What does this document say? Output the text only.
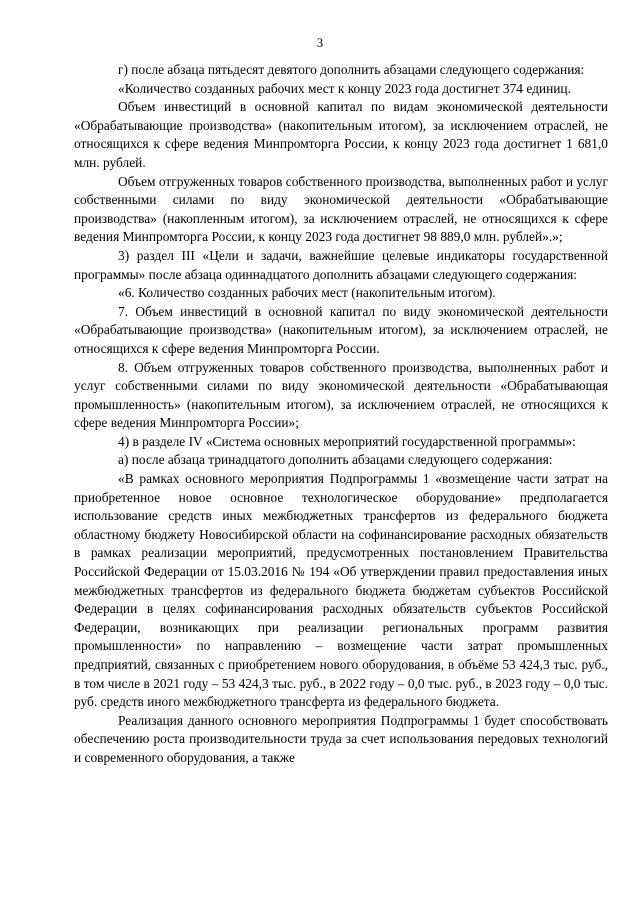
3

г) после абзаца пятьдесят девятого дополнить абзацами следующего содержания:

«Количество созданных рабочих мест к концу 2023 года достигнет 374 единиц.

Объем инвестиций в основной капитал по видам экономической деятельности «Обрабатывающие производства» (накопительным итогом), за исключением отраслей, не относящихся к сфере ведения Минпромторга России, к концу 2023 года достигнет 1 681,0 млн. рублей.

Объем отгруженных товаров собственного производства, выполненных работ и услуг собственными силами по виду экономической деятельности «Обрабатывающие производства» (накопленным итогом), за исключением отраслей, не относящихся к сфере ведения Минпромторга России, к концу 2023 года достигнет 98 889,0 млн. рублей».»;

3) раздел III «Цели и задачи, важнейшие целевые индикаторы государственной программы» после абзаца одиннадцатого дополнить абзацами следующего содержания:

«6. Количество созданных рабочих мест (накопительным итогом).

7. Объем инвестиций в основной капитал по виду экономической деятельности «Обрабатывающие производства» (накопительным итогом), за исключением отраслей, не относящихся к сфере ведения Минпромторга России.

8. Объем отгруженных товаров собственного производства, выполненных работ и услуг собственными силами по виду экономической деятельности «Обрабатывающая промышленность» (накопительным итогом), за исключением отраслей, не относящихся к сфере ведения Минпромторга России»;

4) в разделе IV «Система основных мероприятий государственной программы»:

а) после абзаца тринадцатого дополнить абзацами следующего содержания:

«В рамках основного мероприятия Подпрограммы 1 «возмещение части затрат на приобретенное новое основное технологическое оборудование» предполагается использование средств иных межбюджетных трансфертов из федерального бюджета областному бюджету Новосибирской области на софинансирование расходных обязательств в рамках реализации мероприятий, предусмотренных постановлением Правительства Российской Федерации от 15.03.2016 № 194 «Об утверждении правил предоставления иных межбюджетных трансфертов из федерального бюджета бюджетам субъектов Российской Федерации в целях софинансирования расходных обязательств субъектов Российской Федерации, возникающих при реализации региональных программ развития промышленности» по направлению – возмещение части затрат промышленных предприятий, связанных с приобретением нового оборудования, в объёме 53 424,3 тыс. руб., в том числе в 2021 году – 53 424,3 тыс. руб., в 2022 году – 0,0 тыс. руб., в 2023 году – 0,0 тыс. руб. средств иного межбюджетного трансферта из федерального бюджета.

Реализация данного основного мероприятия Подпрограммы 1 будет способствовать обеспечению роста производительности труда за счет использования передовых технологий и современного оборудования, а также
